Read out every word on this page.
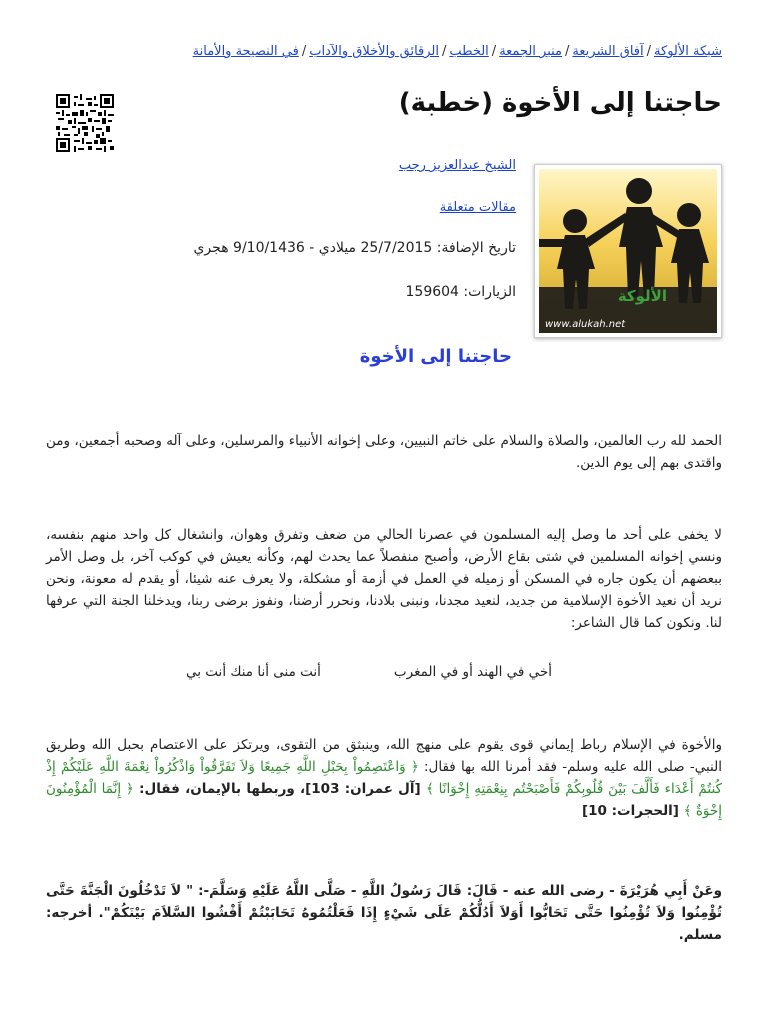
شبكة الألوكة/آفاق الشريعة/منبر الجمعة/الخطب/الرقائق والأخلاق والآداب/في النصيحة والأمانة
حاجتنا إلى الأخوة (خطبة)
الألوكة
www.alukah.net
الشيخ عبدالعزيز رجب
مقالات متعلقة
تاريخ الإضافة: 25/7/2015 ميلادي - 9/10/1436 هجري
الزيارات: 159604
حاجتنا إلى الأخوة

الحمد لله رب العالمين، والصلاة والسلام على خاتم النبيين، وعلى إخوانه الأنبياء والمرسلين، وعلى آله وصحبه أجمعين، ومن واقتدى بهم إلى يوم الدين.

لا يخفى على أحد ما وصل إليه المسلمون في عصرنا الحالي من ضعف وتفرق وهوان، وانشغال كل واحد منهم بنفسه، ونسي إخوانه المسلمين في شتى بقاع الأرض، وأصبح منفصلاً عما يحدث لهم، وكأنه يعيش في كوكب آخر، بل وصل الأمر ببعضهم أن يكون جاره في المسكن أو زميله في العمل في أزمة أو مشكلة، ولا يعرف عنه شيئا، أو يقدم له معونة، ونحن نريد أن نعيد الأخوة الإسلامية من جديد، لنعيد مجدنا، ونبنى بلادنا، ونحرر أرضنا، ونفوز برضى ربنا، ويدخلنا الجنة التي عرفها لنا. ونكون كما قال الشاعر:

أخي في الهند أو في المغرب
أنت منى أنا منك أنت بي

والأخوة في الإسلام رباط إيماني قوى يقوم على منهج الله، وينبثق من التقوى، ويرتكز على الاعتصام بحبل الله وطريق النبي- صلى الله عليه وسلم- فقد أمرنا الله بها فقال: ﴿ وَاعْتَصِمُواْ بِحَبْلِ اللَّهِ جَمِيعًا وَلاَ تَفَرَّقُواْ وَاذْكُرُواْ نِعْمَةَ اللَّهِ عَلَيْكُمْ إِذْ كُنتُمْ أَعْدَاء فَأَلَّفَ بَيْنَ قُلُوبِكُمْ فَأَصْبَحْتُم بِنِعْمَتِهِ إِخْوَانًا ﴾ [آل عمران: 103]، وربطها بالإيمان، فقال: ﴿ إِنَّمَا الْمُؤْمِنُونَ إِخْوَةٌ ﴾ [الحجرات: 10]

وعَنْ أَبِي هُرَيْرَةَ - رضى الله عنه - قَالَ: قَالَ رَسُولُ اللَّهِ - صَلَّى اللَّهُ عَلَيْهِ وَسَلَّمَ-: " لاَ تَدْخُلُونَ الْجَنَّةَ حَتَّى تُؤْمِنُوا وَلاَ تُؤْمِنُوا حَتَّى تَحَابُّوا أَوَلاَ أَدُلُّكُمْ عَلَى شَيْءٍ إِذَا فَعَلْتُمُوهُ تَحَابَبْتُمْ أَفْشُوا السَّلاَمَ بَيْنَكُمْ". أخرجه: مسلم.
